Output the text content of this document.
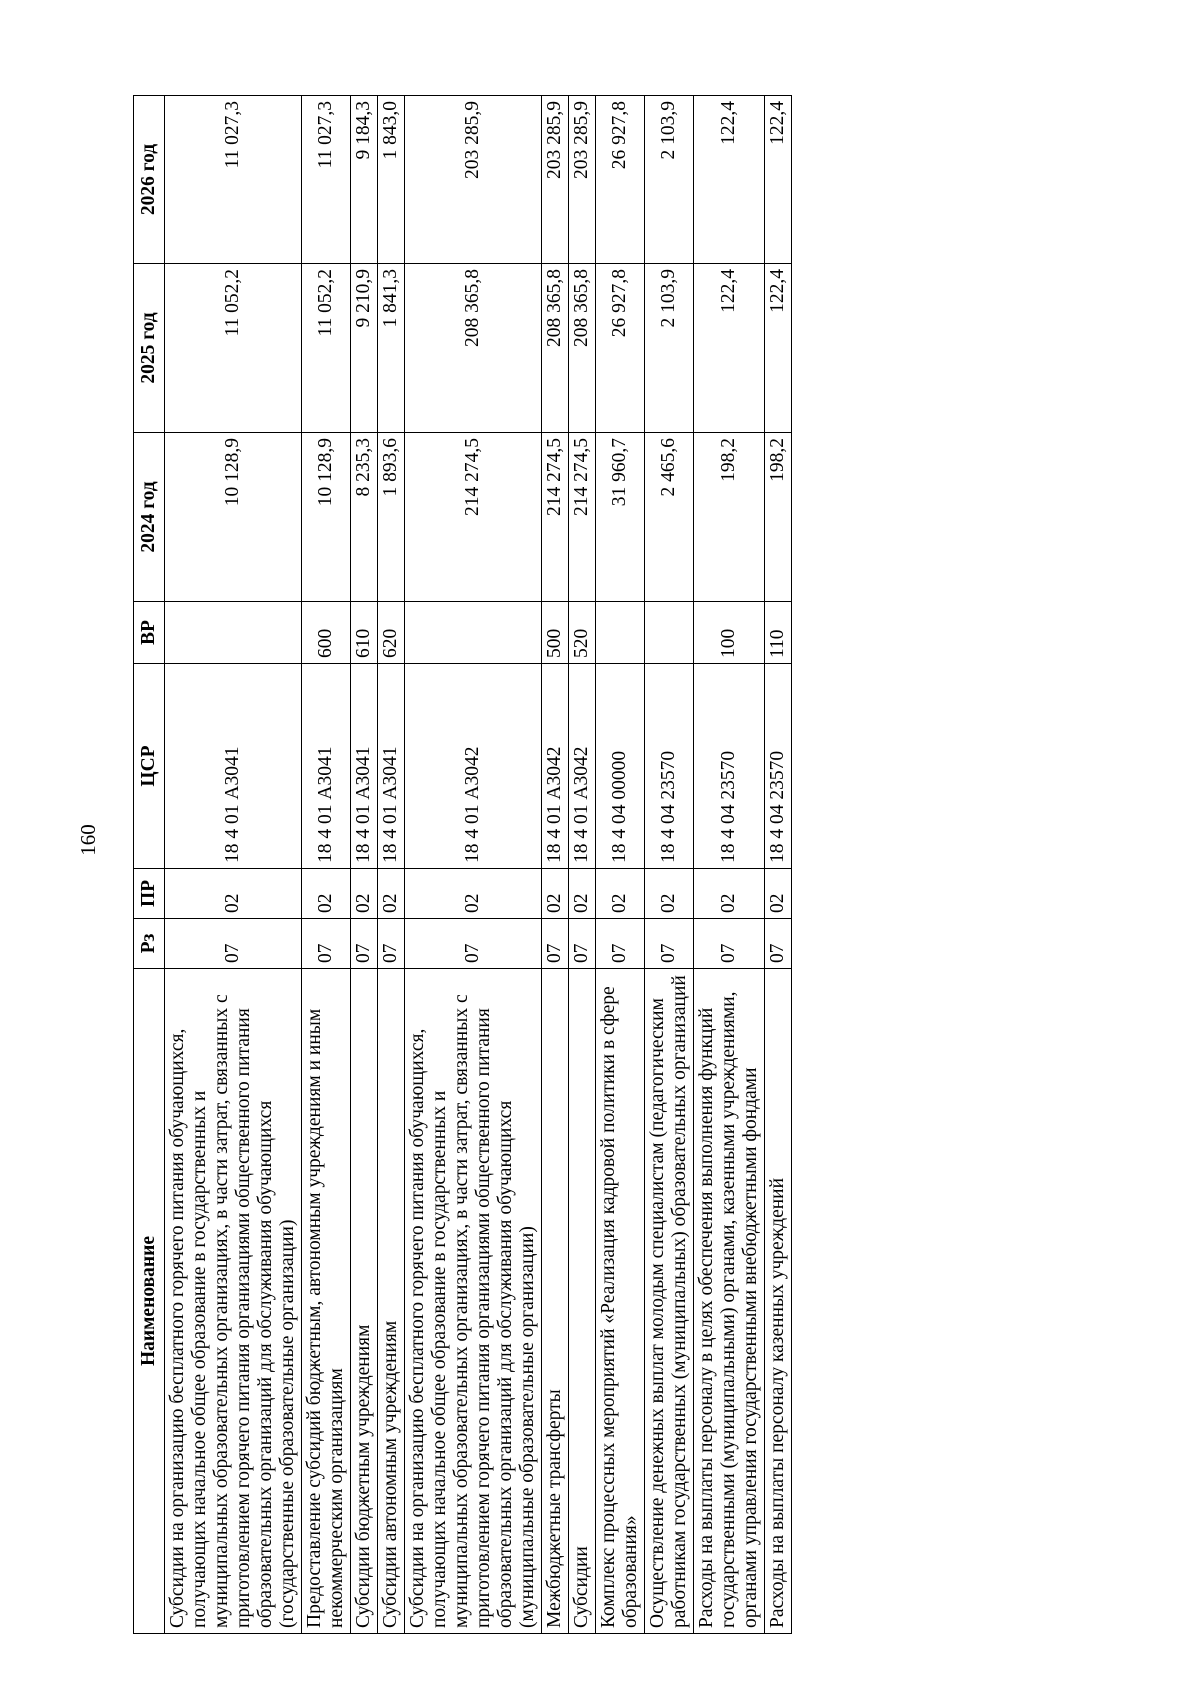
160
Наименование	Рз	ПР	ЦСР	ВР	2024 год	2025 год	2026 год
Субсидии на организацию бесплатного горячего питания обучающихся, получающих начальное общее образование в государственных и муниципальных образовательных организациях, в части затрат, связанных с приготовлением горячего питания организациями общественного питания образовательных организаций для обслуживания обучающихся (государственные образовательные организации)	07	02	18 4 01 А3041		10 128,9	11 052,2	11 027,3
Предоставление субсидий бюджетным, автономным учреждениям и иным некоммерческим организациям	07	02	18 4 01 А3041	600	10 128,9	11 052,2	11 027,3
Субсидии бюджетным учреждениям	07	02	18 4 01 А3041	610	8 235,3	9 210,9	9 184,3
Субсидии автономным учреждениям	07	02	18 4 01 А3041	620	1 893,6	1 841,3	1 843,0
Субсидии на организацию бесплатного горячего питания обучающихся, получающих начальное общее образование в государственных и муниципальных образовательных организациях, в части затрат, связанных с приготовлением горячего питания организациями общественного питания образовательных организаций для обслуживания обучающихся (муниципальные образовательные организации)	07	02	18 4 01 А3042		214 274,5	208 365,8	203 285,9
Межбюджетные трансферты	07	02	18 4 01 А3042	500	214 274,5	208 365,8	203 285,9
Субсидии	07	02	18 4 01 А3042	520	214 274,5	208 365,8	203 285,9
Комплекс процессных мероприятий «Реализация кадровой политики в сфере образования»	07	02	18 4 04 00000		31 960,7	26 927,8	26 927,8
Осуществление денежных выплат молодым специалистам (педагогическим работникам государственных (муниципальных) образовательных организаций	07	02	18 4 04 23570		2 465,6	2 103,9	2 103,9
Расходы на выплаты персоналу в целях обеспечения выполнения функций государственными (муниципальными) органами, казенными учреждениями, органами управления государственными внебюджетными фондами	07	02	18 4 04 23570	100	198,2	122,4	122,4
Расходы на выплаты персоналу казенных учреждений	07	02	18 4 04 23570	110	198,2	122,4	122,4
